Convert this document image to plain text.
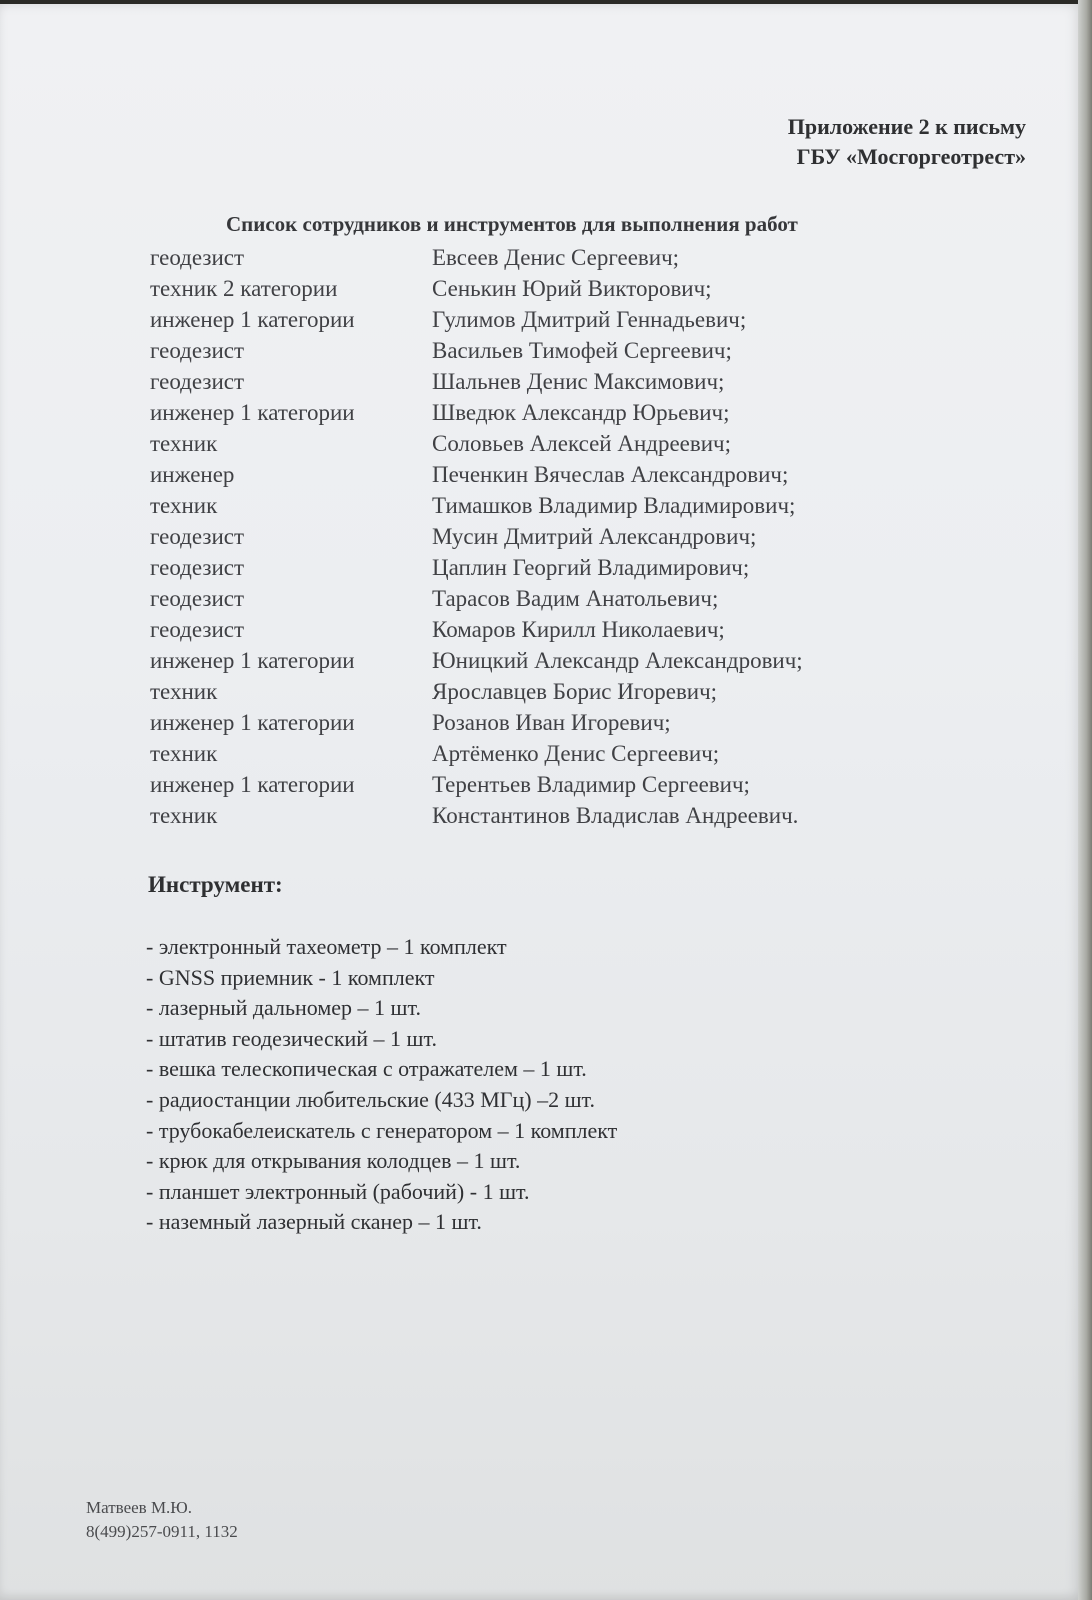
Приложение 2 к письму
ГБУ «Мосгоргеотрест»
Список сотрудников и инструментов для выполнения работ
геодезист	Евсеев Денис Сергеевич;
техник 2 категории	Сенькин Юрий Викторович;
инженер 1 категории	Гулимов Дмитрий Геннадьевич;
геодезист	Васильев Тимофей Сергеевич;
геодезист	Шальнев Денис Максимович;
инженер 1 категории	Шведюк Александр Юрьевич;
техник	Соловьев Алексей Андреевич;
инженер	Печенкин Вячеслав Александрович;
техник	Тимашков Владимир Владимирович;
геодезист	Мусин Дмитрий Александрович;
геодезист	Цаплин Георгий Владимирович;
геодезист	Тарасов Вадим Анатольевич;
геодезист	Комаров Кирилл Николаевич;
инженер 1 категории	Юницкий Александр Александрович;
техник	Ярославцев Борис Игоревич;
инженер 1 категории	Розанов Иван Игоревич;
техник	Артёменко Денис Сергеевич;
инженер 1 категории	Терентьев Владимир Сергеевич;
техник	Константинов Владислав Андреевич.
Инструмент:
- электронный тахеометр – 1 комплект
- GNSS приемник - 1 комплект
- лазерный дальномер – 1 шт.
- штатив геодезический – 1 шт.
- вешка телескопическая с отражателем – 1 шт.
- радиостанции любительские (433 МГц) –2 шт.
- трубокабелеискатель с генератором – 1 комплект
- крюк для открывания колодцев – 1 шт.
- планшет электронный (рабочий) - 1 шт.
- наземный лазерный сканер – 1 шт.
Матвеев М.Ю.
8(499)257-0911, 1132
